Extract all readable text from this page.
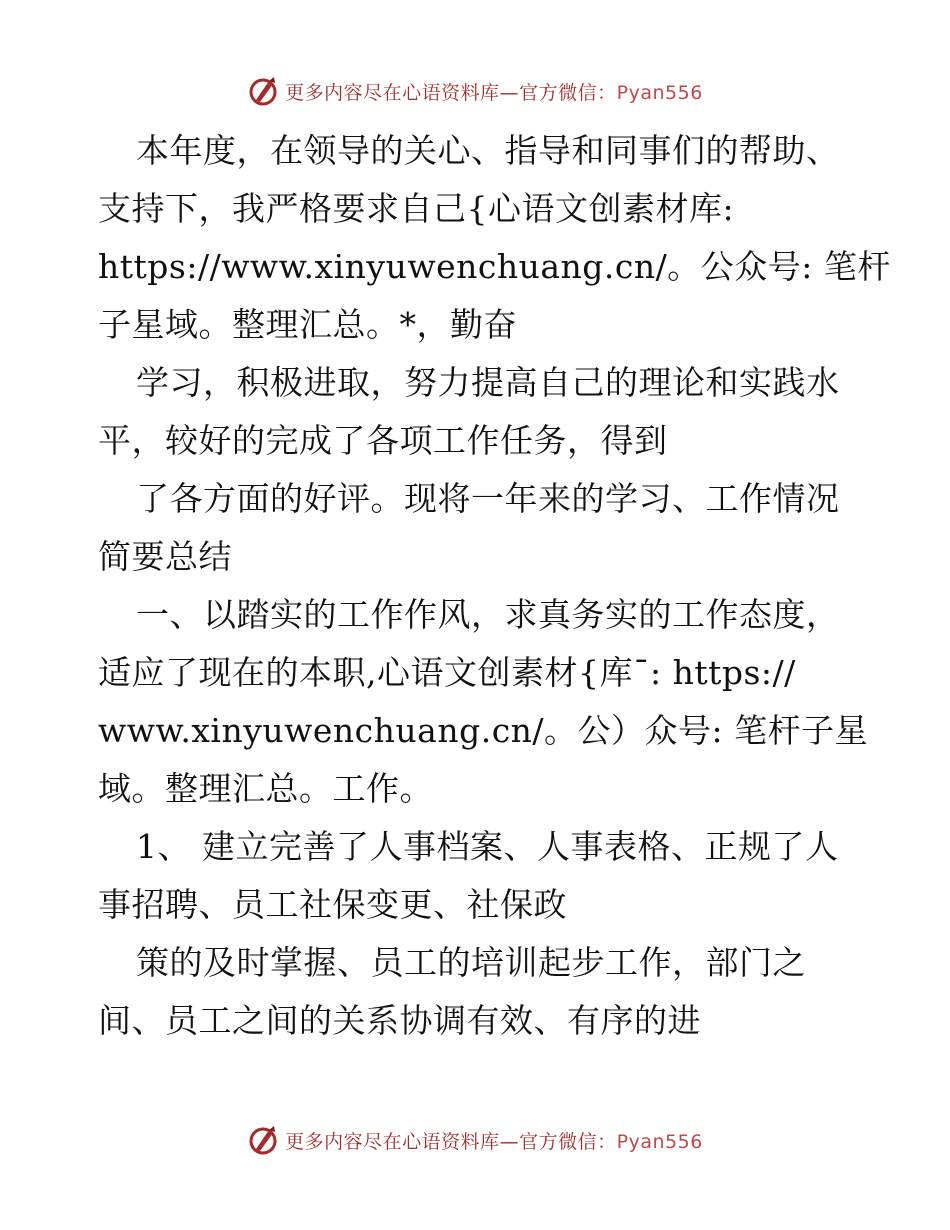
更多内容尽在心语资料库—官方微信：Pyan556
本年度，在领导的关心、指导和同事们的帮助、
支持下，我严格要求自己{心语文创素材库:
https://www.xinyuwenchuang.cn/。公众号: 笔杆
子星域。整理汇总。*，勤奋
学习，积极进取，努力提高自己的理论和实践水
平，较好的完成了各项工作任务，得到
了各方面的好评。现将一年来的学习、工作情况
简要总结
一、以踏实的工作作风，求真务实的工作态度，
适应了现在的本职,心语文创素材{库¯: https://
www.xinyuwenchuang.cn/。公）众号: 笔杆子星
域。整理汇总。工作。
1、 建立完善了人事档案、人事表格、正规了人
事招聘、员工社保变更、社保政
策的及时掌握、员工的培训起步工作，部门之
间、员工之间的关系协调有效、有序的进
更多内容尽在心语资料库—官方微信：Pyan556
